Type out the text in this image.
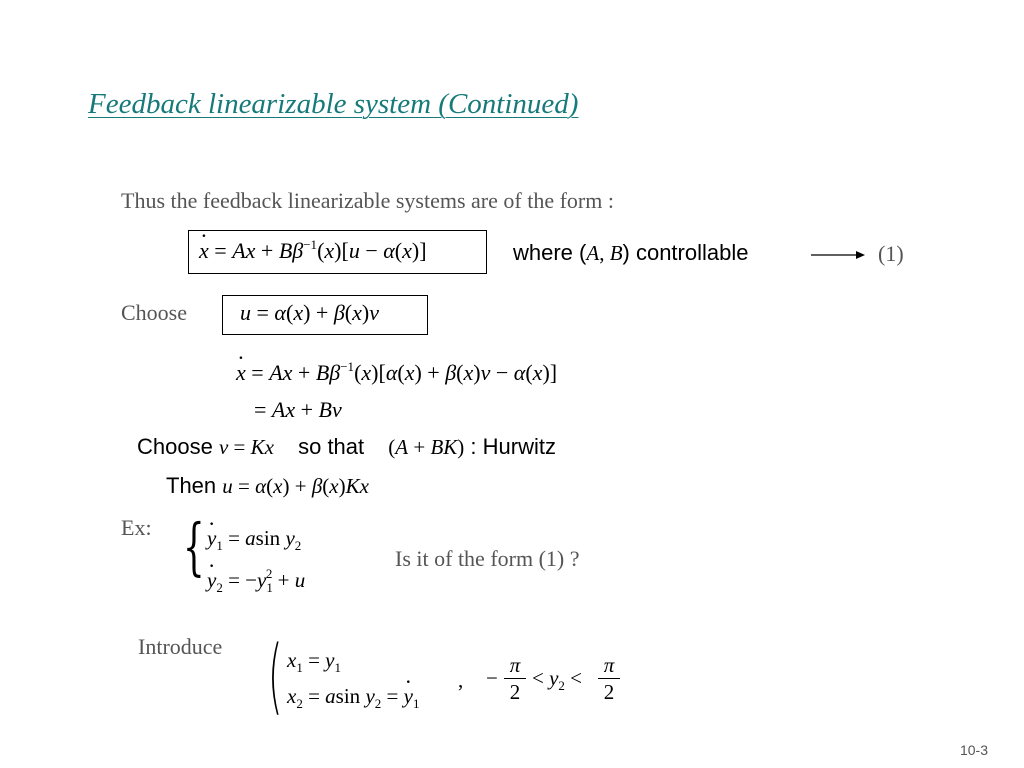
Feedback linearizable system (Continued)
Thus the feedback linearizable systems are of the form :
· $x = Ax + B\beta^{-1}(x)[u - \alpha(x)]$	where (A, B) controllable	(1)
Choose u = α(x) + β(x)v
· $x = Ax + B\beta^{-1}(x)[\alpha(x) + \beta(x)v - \alpha(x)]$
= Ax + Bv
Choose v = Kx so that (A + BK) : Hurwitz
Then u = α(x) + β(x)Kx
Ex: { · $y_1 = asin$ $y_2$
· $y_2 = -y_1^2 + u$
Is it of the form (1) ?
Introduce ( $x_1 = y_1$
$x_2 = asin$ $y_2$ = · $y_1$
, − $\frac{\pi}{2} < y_2 < \frac{\pi}{2}$
10-3
